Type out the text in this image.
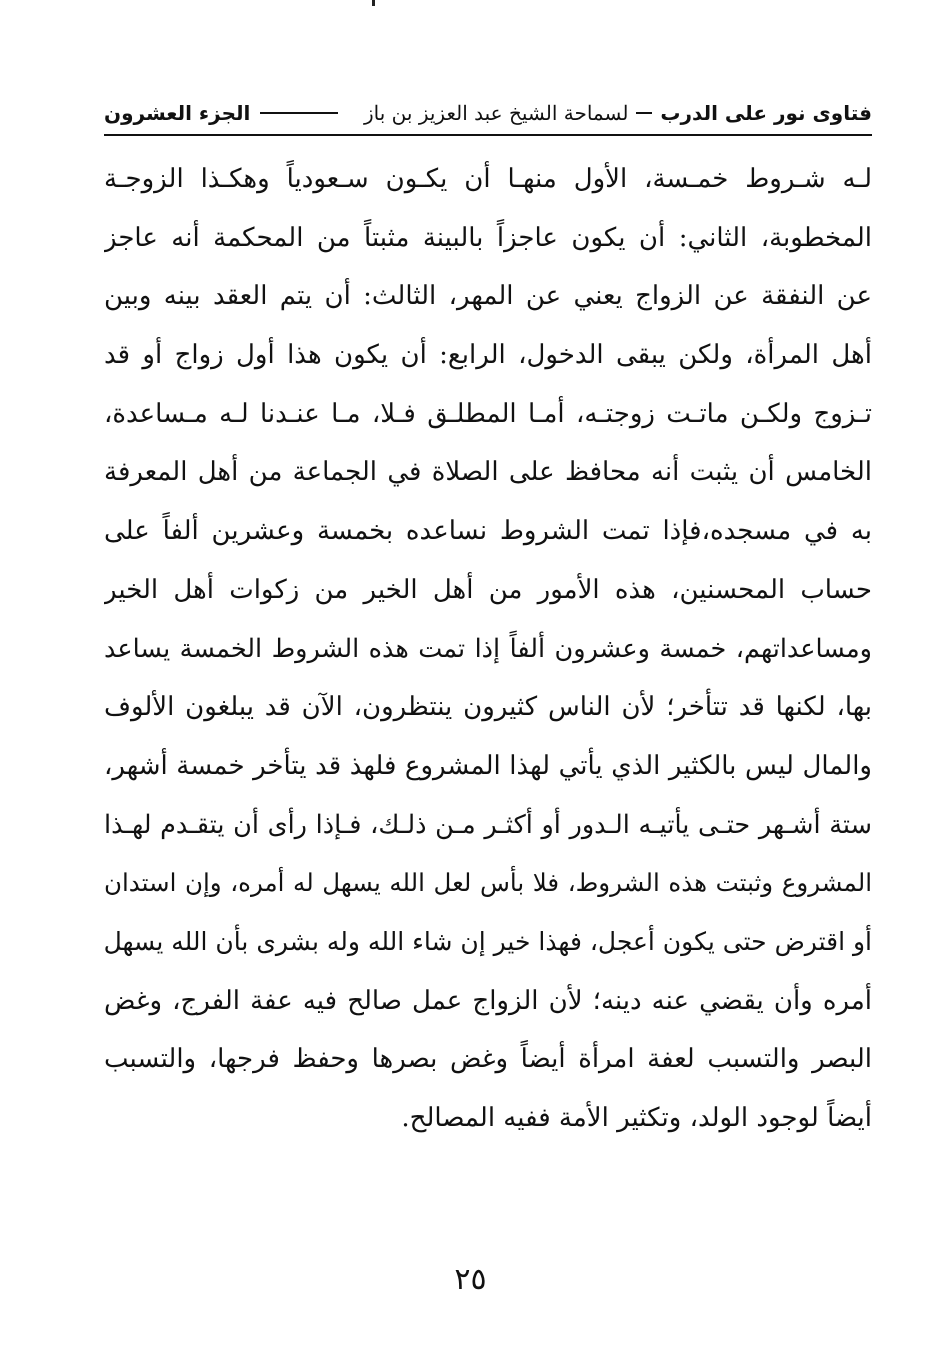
فتاوى نور على الدرب
لسماحة الشيخ عبد العزيز بن باز
الجزء العشرون
لـه شـروط خمـسة، الأول منهـا أن يكـون سـعودياً وهكـذا الزوجـة
المخطوبة، الثاني: أن يكون عاجزاً بالبينة مثبتاً من المحكمة أنه عاجز
عن النفقة عن الزواج يعني عن المهر، الثالث: أن يتم العقد بينه وبين
أهل المرأة، ولكن يبقى الدخول، الرابع: أن يكون هذا أول زواج أو قد
تـزوج ولكـن ماتـت زوجتـه، أمـا المطلـق فـلا، مـا عنـدنا لـه مـساعدة،
الخامس أن يثبت أنه محافظ على الصلاة في الجماعة من أهل المعرفة
به في مسجده،فإذا تمت الشروط نساعده بخمسة وعشرين ألفاً على
حساب المحسنين، هذه الأمور من أهل الخير من زكوات أهل الخير
ومساعداتهم، خمسة وعشرون ألفاً إذا تمت هذه الشروط الخمسة يساعد
بها، لكنها قد تتأخر؛ لأن الناس كثيرون ينتظرون، الآن قد يبلغون الألوف
والمال ليس بالكثير الذي يأتي لهذا المشروع فلهذ قد يتأخر خمسة أشهر،
ستة أشـهر حتـى يأتيـه الـدور أو أكثـر مـن ذلـك، فـإذا رأى أن يتقـدم لهـذا
المشروع وثبتت هذه الشروط، فلا بأس لعل الله يسهل له أمره، وإن استدان
أو اقترض حتى يكون أعجل، فهذا خير إن شاء الله وله بشرى بأن الله يسهل
أمره وأن يقضي عنه دينه؛ لأن الزواج عمل صالح فيه عفة الفرج، وغض
البصر والتسبب لعفة امرأة أيضاً وغض بصرها وحفظ فرجها، والتسبب
أيضاً لوجود الولد، وتكثير الأمة ففيه المصالح.
٢٥
